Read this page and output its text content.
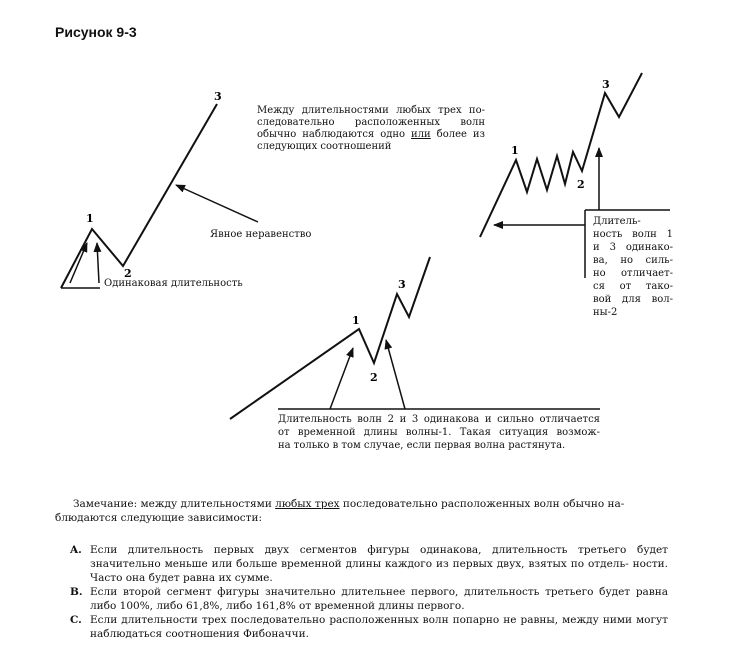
Рисунок 9-3
1
2
3
1
2
3
1
2
3
Между длительностями любых трех по-
следовательно расположенных волн
обычно наблюдаются одно или более из
следующих соотношений
Явное неравенство
Одинаковая длительность
Длитель-
ность волн 1
и 3 одинако-
ва, но силь-
но отличает-
ся от тако-
вой для вол-
ны-2
Длительность волн 2 и 3 одинакова и сильно отличается
от временной длины волны-1. Такая ситуация возмож-
на только в том случае, если первая волна растянута.
Замечание: между длительностями любых трех последовательно расположенных волн обычно на-
блюдаются следующие зависимости:
A. Если длительность первых двух сегментов фигуры одинакова, длительность третьего будет значительно меньше или больше временной длины каждого из первых двух, взятых по отдель- ности. Часто она будет равна их сумме.
B. Если второй сегмент фигуры значительно длительнее первого, длительность третьего будет равна либо 100%, либо 61,8%, либо 161,8% от временной длины первого.
C. Если длительности трех последовательно расположенных волн попарно не равны, между ними могут наблюдаться соотношения Фибоначчи.
